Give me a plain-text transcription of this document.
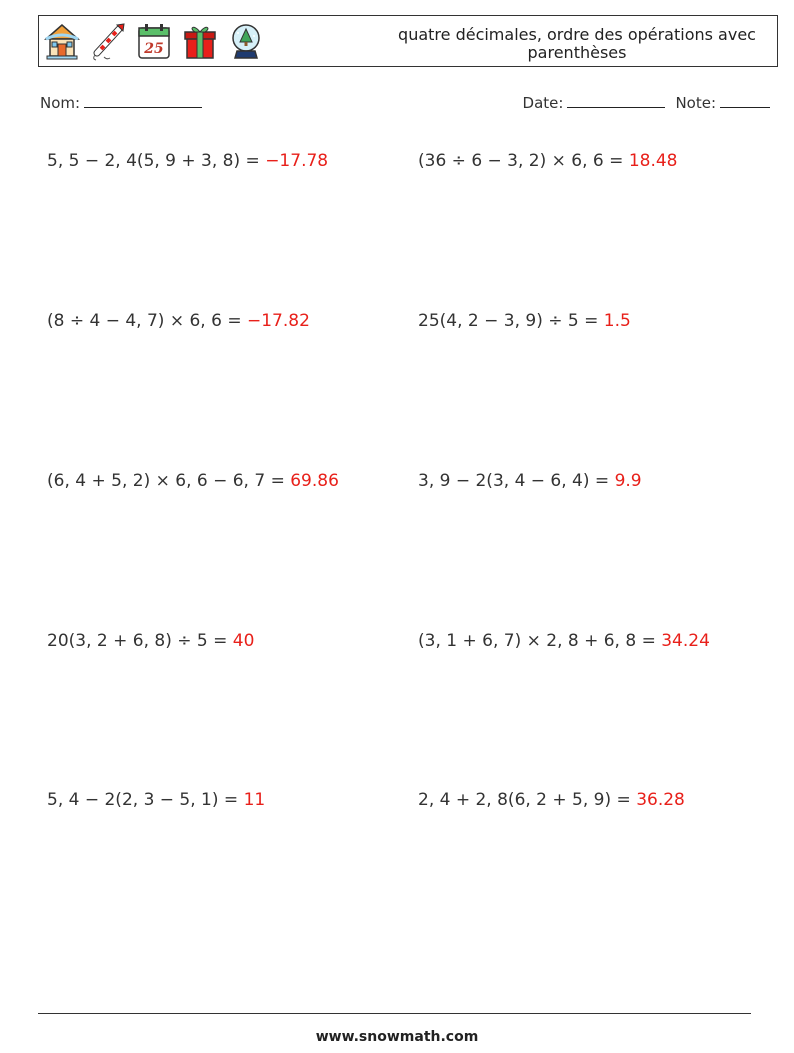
25
quatre décimales, ordre des opérations avec parenthèses
Nom:	Date:	Note:
5, 5 − 2, 4(5, 9 + 3, 8) = −17.78	(36 ÷ 6 − 3, 2) × 6, 6 = 18.48
(8 ÷ 4 − 4, 7) × 6, 6 = −17.82	25(4, 2 − 3, 9) ÷ 5 = 1.5
(6, 4 + 5, 2) × 6, 6 − 6, 7 = 69.86	3, 9 − 2(3, 4 − 6, 4) = 9.9
20(3, 2 + 6, 8) ÷ 5 = 40	(3, 1 + 6, 7) × 2, 8 + 6, 8 = 34.24
5, 4 − 2(2, 3 − 5, 1) = 11	2, 4 + 2, 8(6, 2 + 5, 9) = 36.28
www.snowmath.com
